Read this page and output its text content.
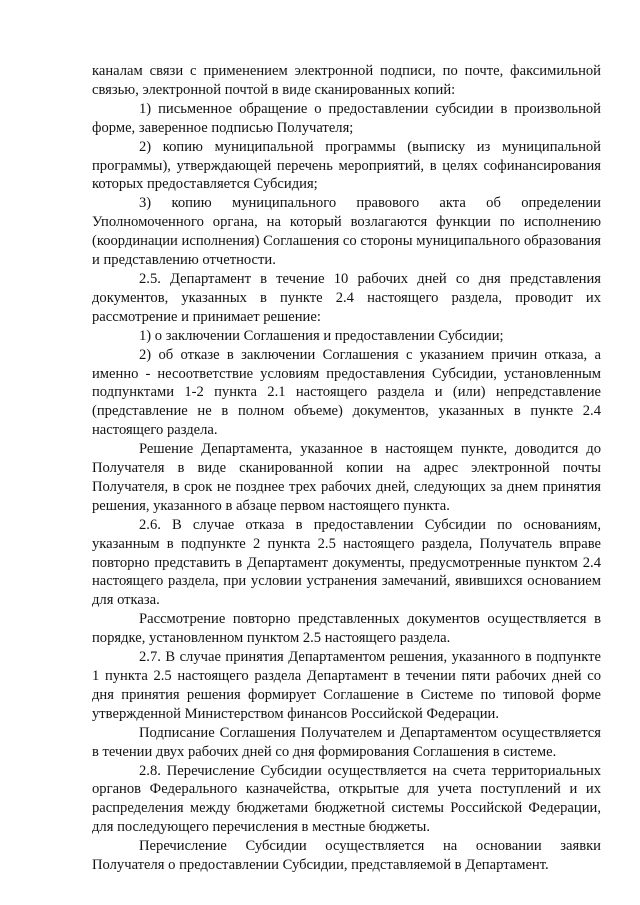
каналам связи с применением электронной подписи, по почте, факсимильной связью, электронной почтой в виде сканированных копий:

1) письменное обращение о предоставлении субсидии в произвольной форме, заверенное подписью Получателя;

2) копию муниципальной программы (выписку из муниципальной программы), утверждающей перечень мероприятий, в целях софинансирования которых предоставляется Субсидия;

3) копию муниципального правового акта об определении Уполномоченного органа, на который возлагаются функции по исполнению (координации исполнения) Соглашения со стороны муниципального образования и представлению отчетности.

2.5. Департамент в течение 10 рабочих дней со дня представления документов, указанных в пункте 2.4 настоящего раздела, проводит их рассмотрение и принимает решение:

1) о заключении Соглашения и предоставлении Субсидии;

2) об отказе в заключении Соглашения с указанием причин отказа, а именно - несоответствие условиям предоставления Субсидии, установленным подпунктами 1-2 пункта 2.1 настоящего раздела и (или) непредставление (представление не в полном объеме) документов, указанных в пункте 2.4 настоящего раздела.

Решение Департамента, указанное в настоящем пункте, доводится до Получателя в виде сканированной копии на адрес электронной почты Получателя, в срок не позднее трех рабочих дней, следующих за днем принятия решения, указанного в абзаце первом настоящего пункта.

2.6. В случае отказа в предоставлении Субсидии по основаниям, указанным в подпункте 2 пункта 2.5 настоящего раздела, Получатель вправе повторно представить в Департамент документы, предусмотренные пунктом 2.4 настоящего раздела, при условии устранения замечаний, явившихся основанием для отказа.

Рассмотрение повторно представленных документов осуществляется в порядке, установленном пунктом 2.5 настоящего раздела.

2.7. В случае принятия Департаментом решения, указанного в подпункте 1 пункта 2.5 настоящего раздела Департамент в течении пяти рабочих дней со дня принятия решения формирует Соглашение в Системе по типовой форме утвержденной Министерством финансов Российской Федерации.

Подписание Соглашения Получателем и Департаментом осуществляется в течении двух рабочих дней со дня формирования Соглашения в системе.

2.8. Перечисление Субсидии осуществляется на счета территориальных органов Федерального казначейства, открытые для учета поступлений и их распределения между бюджетами бюджетной системы Российской Федерации, для последующего перечисления в местные бюджеты.

Перечисление Субсидии осуществляется на основании заявки Получателя о предоставлении Субсидии, представляемой в Департамент.
